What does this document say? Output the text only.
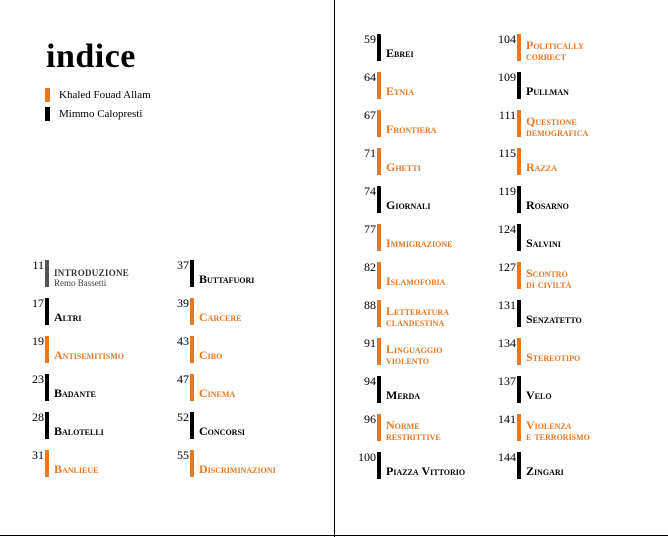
indice
Khaled Fouad Allam
Mimmo Calopresti
11
INTRODUZIONE
Remo Bassetti
17
Altri
19
Antisemitismo
23
Badante
28
Balotelli
31
Banlieue
37
Buttafuori
39
Carcere
43
Cibo
47
Cinema
52
Concorsi
55
Discriminazioni
59
Ebrei
64
Etnia
67
Frontiera
71
Ghetti
74
Giornali
77
Immigrazione
82
Islamofobia
88 Letteratura
clandestina
91 Linguaggio
violento
94
Merda
96 Norme
restrittive
100
Piazza Vittorio
104 Politically
correct
109
Pullman
111 Questione
demografica
115
Razza
119
Rosarno
124
Salvini
127 Scontro
di civiltà
131
Senzatetto
134
Stereotipo
137
Velo
141 Violenza
e terrorismo
144
Zingari
